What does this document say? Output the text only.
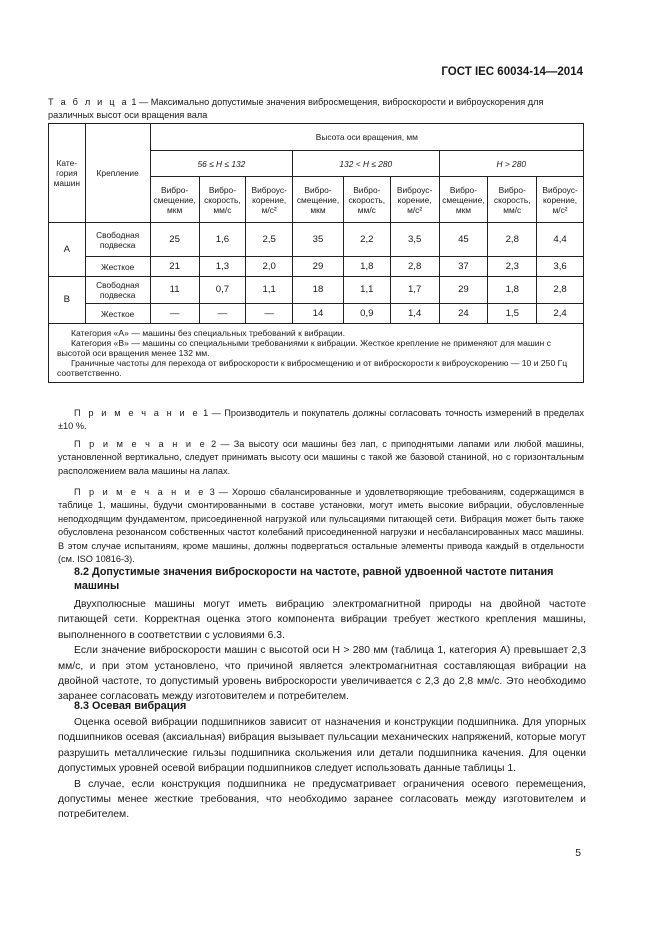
ГОСТ IEC 60034-14—2014
Т а б л и ц а 1 — Максимально допустимые значения виброcмещения, виброскорости и виброускорения для различных высот оси вращения вала
Кате-
гория
машин	Крепление	Высота оси вращения, мм								
		56 ≤ H ≤ 132			132 < H ≤ 280			H > 280		
		Вибро-
смещение,
мкм	Вибро-
скорость,
мм/с	Виброус-
корение,
м/с²	Вибро-
смещение,
мкм	Вибро-
скорость,
мм/с	Виброус-
корение,
м/с²	Вибро-
смещение,
мкм	Вибро-
скорость,
мм/с	Виброус-
корение,
м/с²
A	Свободная подвеска	25	1,6	2,5	35	2,2	3,5	45	2,8	4,4
	Жесткое	21	1,3	2,0	29	1,8	2,8	37	2,3	3,6
B	Свободная подвеска	11	0,7	1,1	18	1,1	1,7	29	1,8	2,8
	Жесткое	—	—	—	14	0,9	1,4	24	1,5	2,4

Категория «А» — машины без специальных требований к вибрации.

Категория «В» — машины со специальными требованиями к вибрации. Жесткое крепление не применяют для машин с высотой оси вращения менее 132 мм.

Граничные частоты для перехода от виброскорости к виброcмещению и от виброскорости к виброускорению — 10 и 250 Гц соответственно.										

П р и м е ч а н и е 1 — Производитель и покупатель должны согласовать точность измерений в пределах ±10 %.

П р и м е ч а н и е 2 — За высоту оси машины без лап, с приподнятыми лапами или любой машины, установленной вертикально, следует принимать высоту оси машины с такой же базовой станиной, но с горизонтальным расположением вала машины на лапах.

П р и м е ч а н и е 3 — Хорошо сбалансированные и удовлетворяющие требованиям, содержащимся в таблице 1, машины, будучи смонтированными в составе установки, могут иметь высокие вибрации, обусловленные неподходящим фундаментом, присоединенной нагрузкой или пульсациями питающей сети. Вибрация может быть также обусловлена резонансом собственных частот колебаний присоединенной нагрузки и несбалансированных масс машины. В этом случае испытаниям, кроме машины, должны подвергаться остальные элементы привода каждый в отдельности (см. ISO 10816-3).

8.2 Допустимые значения виброскорости на частоте, равной удвоенной частоте питания машины

Двухполюсные машины могут иметь вибрацию электромагнитной природы на двойной частоте питающей сети. Корректная оценка этого компонента вибрации требует жесткого крепления машины, выполненного в соответствии с условиями 6.3.

Если значение виброскорости машин с высотой оси H > 280 мм (таблица 1, категория А) превышает 2,3 мм/с, и при этом установлено, что причиной является электромагнитная составляющая вибрации на двойной частоте, то допустимый уровень виброскорости увеличивается с 2,3 до 2,8 мм/с. Это необходимо заранее согласовать между изготовителем и потребителем.

8.3 Осевая вибрация

Оценка осевой вибрации подшипников зависит от назначения и конструкции подшипника. Для упорных подшипников осевая (аксиальная) вибрация вызывает пульсации механических напряжений, которые могут разрушить металлические гильзы подшипника скольжения или детали подшипника качения. Для оценки допустимых уровней осевой вибрации подшипников следует использовать данные таблицы 1.

В случае, если конструкция подшипника не предусматривает ограничения осевого перемещения, допустимы менее жесткие требования, что необходимо заранее согласовать между изготовителем и потребителем.

5
